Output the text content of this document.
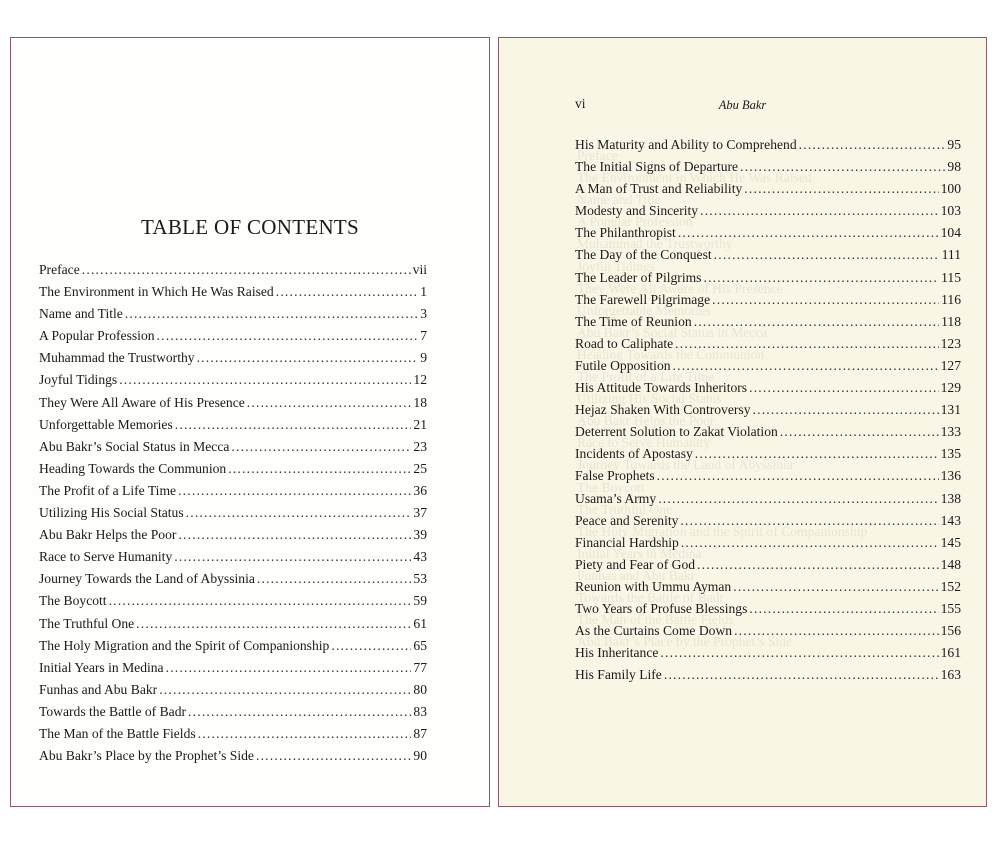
TABLE OF CONTENTS
Preface .....	vii
The Environment in Which He Was Raised .....	1
Name and Title .....	3
A Popular Profession .....	7
Muhammad the Trustworthy .....	9
Joyful Tidings .....	12
They Were All Aware of His Presence .....	18
Unforgettable Memories .....	21
Abu Bakr’s Social Status in Mecca .....	23
Heading Towards the Communion .....	25
The Profit of a Life Time .....	36
Utilizing His Social Status .....	37
Abu Bakr Helps the Poor .....	39
Race to Serve Humanity .....	43
Journey Towards the Land of Abyssinia .....	53
The Boycott .....	59
The Truthful One .....	61
The Holy Migration and the Spirit of Companionship .....	65
Initial Years in Medina .....	77
Funhas and Abu Bakr .....	80
Towards the Battle of Badr .....	83
The Man of the Battle Fields .....	87
Abu Bakr’s Place by the Prophet’s Side .....	90
vi	Abu Bakr
Preface
The Environment in Which He Was Raised
Name and Title
A Popular Profession
Muhammad the Trustworthy
Joyful Tidings
They Were All Aware of His Presence
Unforgettable Memories
Abu Bakr’s Social Status in Mecca
Heading Towards the Communion
The Profit of a Life Time
Utilizing His Social Status
Abu Bakr Helps the Poor
Race to Serve Humanity
Journey Towards the Land of Abyssinia
The Boycott
The Truthful One
The Holy Migration and the Spirit of Companionship
Initial Years in Medina
Funhas and Abu Bakr
Towards the Battle of Badr
The Man of the Battle Fields
Abu Bakr’s Place by the Prophet’s Side
His Maturity and Ability to Comprehend .....	95
The Initial Signs of Departure .....	98
A Man of Trust and Reliability .....	100
Modesty and Sincerity .....	103
The Philanthropist .....	104
The Day of the Conquest .....	111
The Leader of Pilgrims .....	115
The Farewell Pilgrimage .....	116
The Time of Reunion .....	118
Road to Caliphate .....	123
Futile Opposition .....	127
His Attitude Towards Inheritors .....	129
Hejaz Shaken With Controversy .....	131
Deterrent Solution to Zakat Violation .....	133
Incidents of Apostasy .....	135
False Prophets .....	136
Usama’s Army .....	138
Peace and Serenity .....	143
Financial Hardship .....	145
Piety and Fear of God .....	148
Reunion with Ummu Ayman .....	152
Two Years of Profuse Blessings .....	155
As the Curtains Come Down .....	156
His Inheritance .....	161
His Family Life .....	163
